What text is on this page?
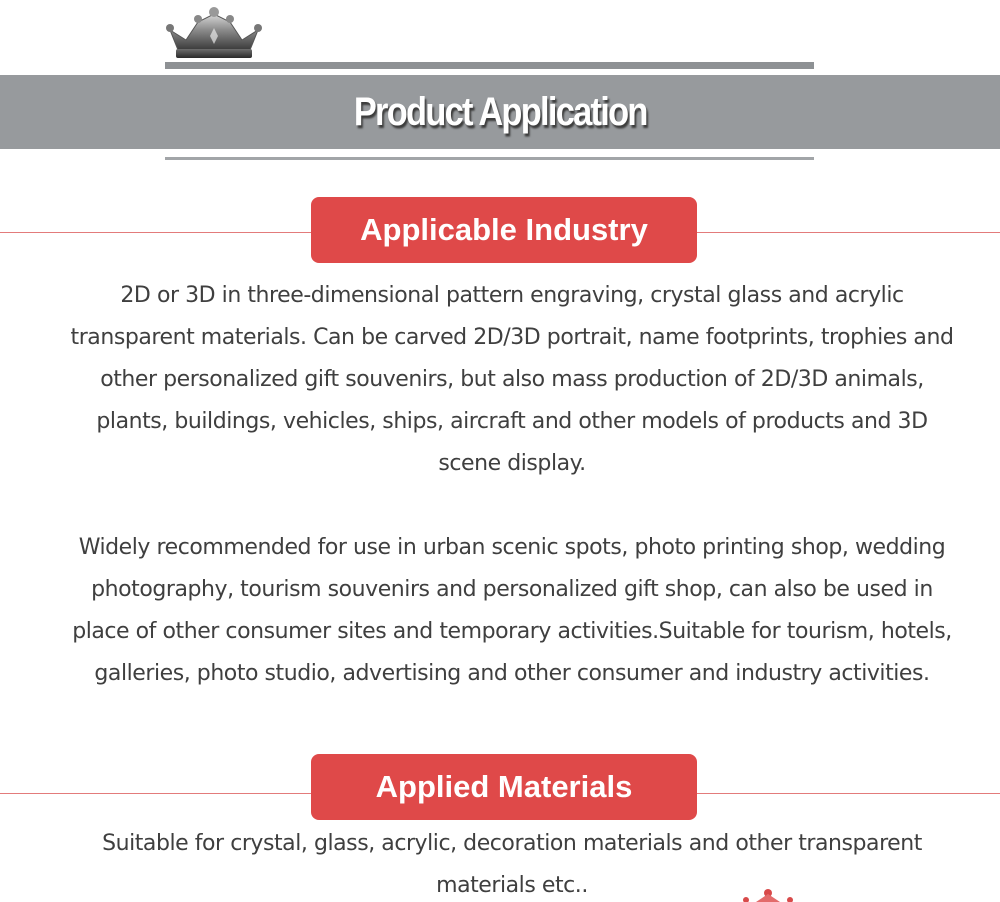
Product Application
Applicable Industry

2D or 3D in three-dimensional pattern engraving, crystal glass and acrylic transparent materials. Can be carved 2D/3D portrait, name footprints, trophies and other personalized gift souvenirs, but also mass production of 2D/3D animals, plants, buildings, vehicles, ships, aircraft and other models of products and 3D scene display.

Widely recommended for use in urban scenic spots, photo printing shop, wedding photography, tourism souvenirs and personalized gift shop, can also be used in place of other consumer sites and temporary activities.Suitable for tourism, hotels, galleries, photo studio, advertising and other consumer and industry activities.

Applied Materials

Suitable for crystal, glass, acrylic, decoration materials and other transparent materials etc..
